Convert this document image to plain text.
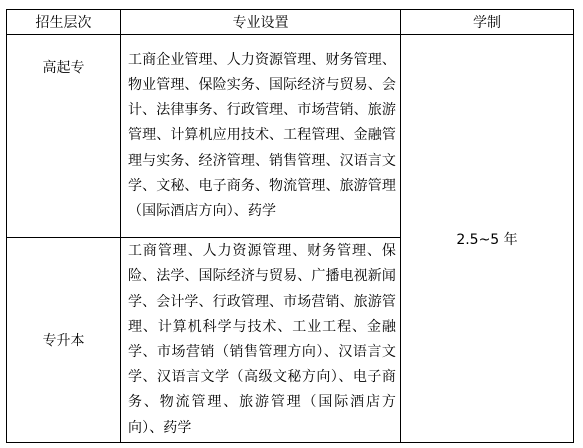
招生层次	专业设置	学制
高起专	工商企业管理、人力资源管理、财务管理、物业管理、保险实务、国际经济与贸易、会计、法律事务、行政管理、市场营销、旅游管理、计算机应用技术、工程管理、金融管理与实务、经济管理、销售管理、汉语言文学、文秘、电子商务、物流管理、旅游管理（国际酒店方向）、药学	2.5~5 年
专升本	工商管理、人力资源管理、财务管理、保险、法学、国际经济与贸易、广播电视新闻学、会计学、行政管理、市场营销、旅游管理、计算机科学与技术、工业工程、金融学、市场营销（销售管理方向）、汉语言文学、汉语言文学（高级文秘方向）、电子商务、物流管理、旅游管理（国际酒店方向）、药学	
